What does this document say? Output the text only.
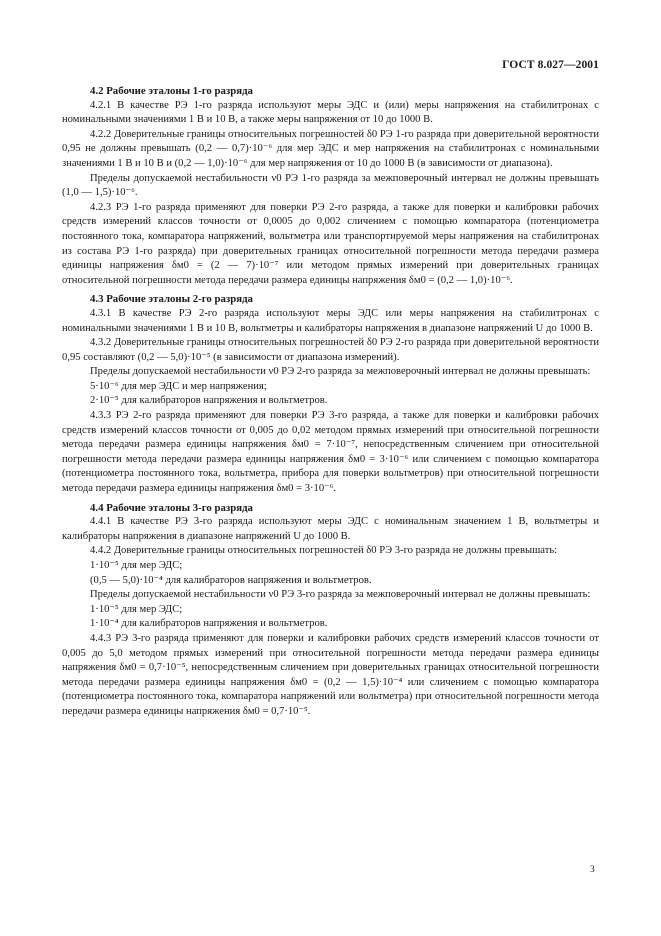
ГОСТ 8.027—2001
4.2 Рабочие эталоны 1-го разряда

4.2.1 В качестве РЭ 1-го разряда используют меры ЭДС и (или) меры напряжения на стабилитронах с номинальными значениями 1 В и 10 В, а также меры напряжения от 10 до 1000 В.

4.2.2 Доверительные границы относительных погрешностей δ0 РЭ 1-го разряда при доверительной вероятности 0,95 не должны превышать (0,2 — 0,7)·10⁻⁶ для мер ЭДС и мер напряжения на стабилитронах с номинальными значениями 1 В и 10 В и (0,2 — 1,0)·10⁻⁶ для мер напряжения от 10 до 1000 В (в зависимости от диапазона).

Пределы допускаемой нестабильности ν0 РЭ 1-го разряда за межповерочный интервал не должны превышать (1,0 — 1,5)·10⁻⁶.

4.2.3 РЭ 1-го разряда применяют для поверки РЭ 2-го разряда, а также для поверки и калибровки рабочих средств измерений классов точности от 0,0005 до 0,002 сличением с помощью компаратора (потенциометра постоянного тока, компаратора напряжений, вольтметра или транспортируемой меры напряжения на стабилитронах из состава РЭ 1-го разряда) при доверительных границах относительной погрешности метода передачи размера единицы напряжения δм0 = (2 — 7)·10⁻⁷ или методом прямых измерений при доверительных границах относительной погрешности метода передачи размера единицы напряжения δм0 = (0,2 — 1,0)·10⁻⁶.

4.3 Рабочие эталоны 2-го разряда

4.3.1 В качестве РЭ 2-го разряда используют меры ЭДС или меры напряжения на стабилитронах с номинальными значениями 1 В и 10 В, вольтметры и калибраторы напряжения в диапазоне напряжений U до 1000 В.

4.3.2 Доверительные границы относительных погрешностей δ0 РЭ 2-го разряда при доверительной вероятности 0,95 составляют (0,2 — 5,0)·10⁻⁵ (в зависимости от диапазона измерений).

Пределы допускаемой нестабильности ν0 РЭ 2-го разряда за межповерочный интервал не должны превышать:

5·10⁻⁶ для мер ЭДС и мер напряжения;

2·10⁻⁵ для калибраторов напряжения и вольтметров.

4.3.3 РЭ 2-го разряда применяют для поверки РЭ 3-го разряда, а также для поверки и калибровки рабочих средств измерений классов точности от 0,005 до 0,02 методом прямых измерений при относительной погрешности метода передачи размера единицы напряжения δм0 = 7·10⁻⁷, непосредственным сличением при относительной погрешности метода передачи размера единицы напряжения δм0 = 3·10⁻⁶ или сличением с помощью компаратора (потенциометра постоянного тока, вольтметра, прибора для поверки вольтметров) при относительной погрешности метода передачи размера единицы напряжения δм0 = 3·10⁻⁶.

4.4 Рабочие эталоны 3-го разряда

4.4.1 В качестве РЭ 3-го разряда используют меры ЭДС с номинальным значением 1 В, вольтметры и калибраторы напряжения в диапазоне напряжений U до 1000 В.

4.4.2 Доверительные границы относительных погрешностей δ0 РЭ 3-го разряда не должны превышать:

1·10⁻⁵ для мер ЭДС;

(0,5 — 5,0)·10⁻⁴ для калибраторов напряжения и вольтметров.

Пределы допускаемой нестабильности ν0 РЭ 3-го разряда за межповерочный интервал не должны превышать:

1·10⁻⁵ для мер ЭДС;

1·10⁻⁴ для калибраторов напряжения и вольтметров.

4.4.3 РЭ 3-го разряда применяют для поверки и калибровки рабочих средств измерений классов точности от 0,005 до 5,0 методом прямых измерений при относительной погрешности метода передачи размера единицы напряжения δм0 = 0,7·10⁻⁵, непосредственным сличением при доверительных границах относительной погрешности метода передачи размера единицы напряжения δм0 = (0,2 — 1,5)·10⁻⁴ или сличением с помощью компаратора (потенциометра постоянного тока, компаратора напряжений или вольтметра) при относительной погрешности метода передачи размера единицы напряжения δм0 = 0,7·10⁻⁵.

3
